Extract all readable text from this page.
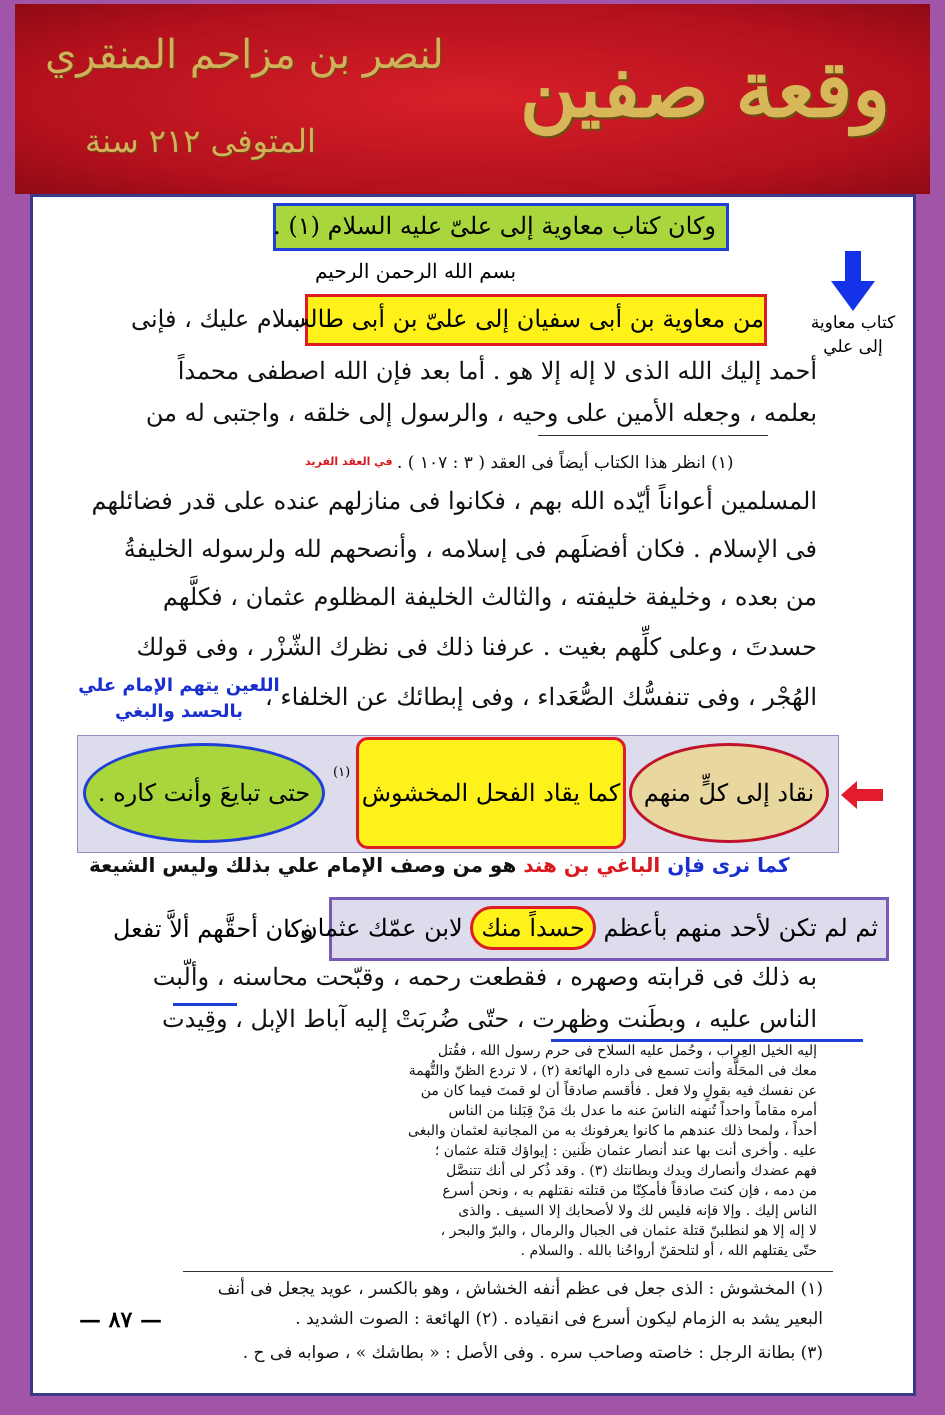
وقعة صفين
لنصر بن مزاحم المنقري
المتوفى ٢١٢ سنة
وكان كتاب معاوية إلى علىّ عليه السلام (١) .
بسم الله الرحمن الرحيم
كتاب معاوية
إلى علي
من معاوية بن أبى سفيان إلى علىّ بن أبى طالب .
سلام عليك ، فإنى
أحمد إليك الله الذى لا إله إلا هو . أما بعد فإن الله اصطفى محمداً
بعلمه ، وجعله الأمين على وحيه ، والرسول إلى خلقه ، واجتبى له من
(١) انظر هذا الكتاب أيضاً فى العقد ( ٣ : ١٠٧ ) .
في العقد الفريد
المسلمين أعواناً أيّده الله بهم ، فكانوا فى منازلهم عنده على قدر فضائلهم
فى الإسلام . فكان أفضلَهم فى إسلامه ، وأنصحهم لله ولرسوله الخليفةُ
من بعده ، وخليفة خليفته ، والثالث الخليفة المظلوم عثمان ، فكلَّهم
حسدتَ ، وعلى كلِّهم بغيت . عرفنا ذلك فى نظرك الشّزْر ، وفى قولك
الهُجْر ، وفى تنفسُّك الصُّعَداء ، وفى إبطائك عن الخلفاء ،
اللعين يتهم الإمام علي
بالحسد والبغي
نقاد إلى كلٍّ منهم
كما يقاد الفحل المخشوش
(١)
حتى تبايعَ وأنت كاره .
كما نرى فإن الباغي بن هند هو من وصف الإمام علي بذلك وليس الشيعة
وكان أحقَّهم ألاَّ تفعل	ثم لم تكن لأحد منهم بأعظم حسداً منك لابن عمّك عثمان ،
به ذلك فى قرابته وصهره ، فقطعت رحمه ، وقبّحت محاسنه ، وألّبت
الناس عليه ، وبطَنت وظهرت ، حتّى ضُربَتْ إليه آباط الإبل ، وقِيدت
إليه الخيل العِراب ، وحُمل عليه السلاح فى حرم رسول الله ، فقُتل
معك فى المحَلَّة وأنت تسمع فى داره الهائعة (٢) ، لا تردع الظنّ والتُّهمة
عن نفسك فيه بقولٍ ولا فعل . فأقسم صادقاً أن لو قمتَ فيما كان من
أمره مقاماً واحداً تُنهنه الناسَ عنه ما عدل بك مَنْ قِبَلنا من الناس
أحداً ، ولمحا ذلك عندهم ما كانوا يعرفونك به من المجانبة لعثمان والبغى
عليه . وأخرى أنت بها عند أنصار عثمان ظَنين : إيواؤك قتلة عثمان ؛
فهم عضدك وأنصارك ويدك وبطانتك (٣) . وقد ذُكر لى أنك تتنصَّل
من دمه ، فإن كنتَ صادقاً فأمكِنّا من قتلته نقتلهم به ، ونحن أسرع
الناس إليك . وإلا فإنه فليس لك ولا لأصحابك إلا السيف . والذى
لا إله إلا هو لنطلبنّ قتلة عثمان فى الجبال والرمال ، والبرّ والبحر ،
حتّى يقتلهم الله ، أو لتلحقنّ أرواحُنا بالله . والسلام .
(١) المخشوش : الذى جعل فى عظم أنفه الخشاش ، وهو بالكسر ، عويد يجعل فى أنف
البعير يشد به الزمام ليكون أسرع فى انقياده . (٢) الهائعة : الصوت الشديد .
(٣) بطانة الرجل : خاصته وصاحب سره . وفى الأصل : « بطاشك » ، صوابه فى ح .
— ٨٧ —
